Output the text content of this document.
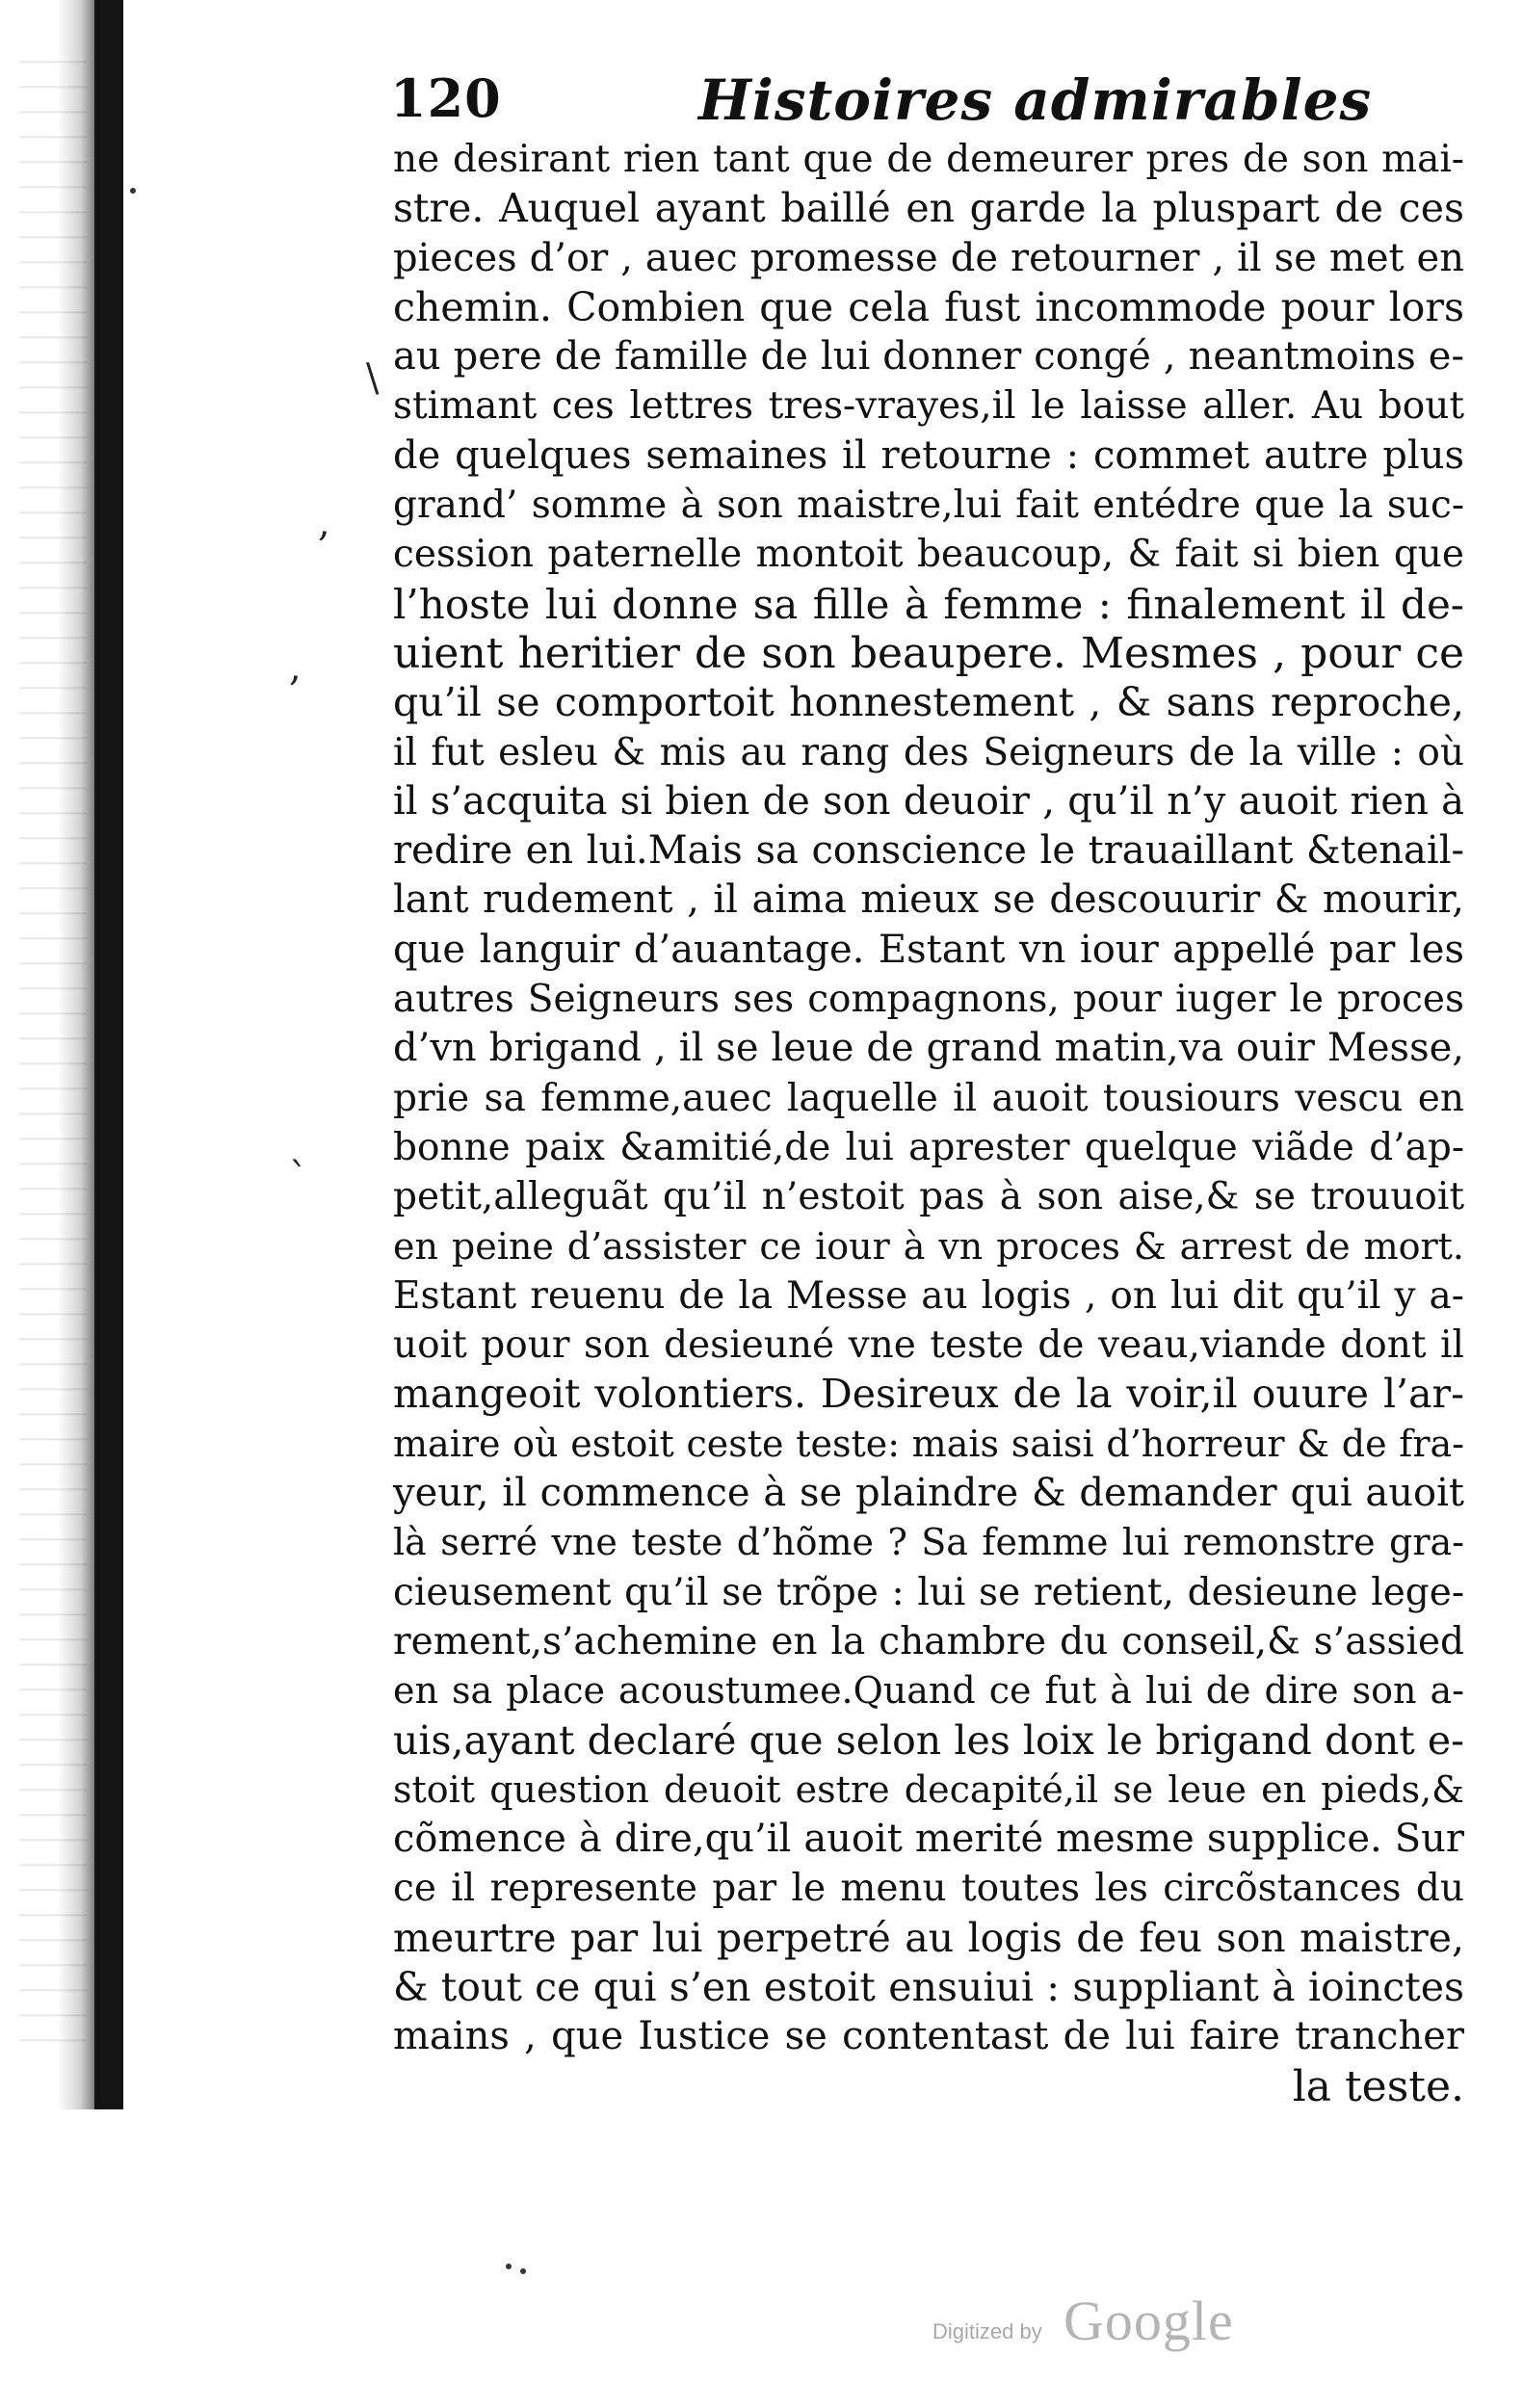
120	Histoires admirables
ne desirant rien tant que de demeurer pres de son mai-
stre. Auquel ayant baillé en garde la pluspart de ces
pieces d’or , auec promesse de retourner , il se met en
chemin. Combien que cela fust incommode pour lors
au pere de famille de lui donner congé , neantmoins e-
stimant ces lettres tres-vrayes,il le laisse aller. Au bout
de quelques semaines il retourne : commet autre plus
grand’ somme à son maistre,lui fait entédre que la suc-
cession paternelle montoit beaucoup, & fait si bien que
l’hoste lui donne sa fille à femme : finalement il de-
uient heritier de son beaupere. Mesmes , pour ce
qu’il se comportoit honnestement , & sans reproche,
il fut esleu & mis au rang des Seigneurs de la ville : où
il s’acquita si bien de son deuoir , qu’il n’y auoit rien à
redire en lui.Mais sa conscience le trauaillant &tenail-
lant rudement , il aima mieux se descouurir & mourir,
que languir d’auantage. Estant vn iour appellé par les
autres Seigneurs ses compagnons, pour iuger le proces
d’vn brigand , il se leue de grand matin,va ouir Messe,
prie sa femme,auec laquelle il auoit tousiours vescu en
bonne paix &amitié,de lui aprester quelque viãde d’ap-
petit,alleguãt qu’il n’estoit pas à son aise,& se trouuoit
en peine d’assister ce iour à vn proces & arrest de mort.
Estant reuenu de la Messe au logis , on lui dit qu’il y a-
uoit pour son desieuné vne teste de veau,viande dont il
mangeoit volontiers. Desireux de la voir,il ouure l’ar-
maire où estoit ceste teste: mais saisi d’horreur & de fra-
yeur, il commence à se plaindre & demander qui auoit
là serré vne teste d’hõme ? Sa femme lui remonstre gra-
cieusement qu’il se trõpe : lui se retient, desieune lege-
rement,s’achemine en la chambre du conseil,& s’assied
en sa place acoustumee.Quand ce fut à lui de dire son a-
uis,ayant declaré que selon les loix le brigand dont e-
stoit question deuoit estre decapité,il se leue en pieds,&
cõmence à dire,qu’il auoit merité mesme supplice. Sur
ce il represente par le menu toutes les circõstances du
meurtre par lui perpetré au logis de feu son maistre,
& tout ce qui s’en estoit ensuiui : suppliant à ioinctes
mains , que Iustice se contentast de lui faire trancher
la teste.
\
`
,
,
Digitized by Google
